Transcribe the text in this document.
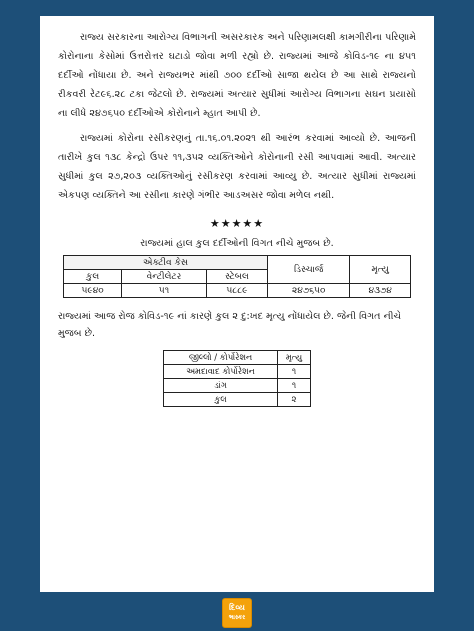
રાજ્ય સરકારના આરોગ્ય વિભાગની અસરકારક અને પરિણામલક્ષી કામગીરીના પરિણામે કોરોનાના કેસોમાં ઉત્તરોત્તર ઘટાડો જોવા મળી રહ્યો છે. રાજ્યમાં આજે કોવિડ-૧૯ ના ૪૫૧ દર્દીઓ નોંધાયા છે. અને રાજ્યભર માંથી ૭૦૦ દર્દીઓ સાજા થયેલ છે આ સાથે રાજ્યનો રીકવરી રેટ૯૬.૨૮ ટકા જેટલો છે. રાજ્યમાં અત્યાર સુધીમાં આરોગ્ય વિભાગના સઘન પ્રયાસો ના લીધે ૨૪૭૬૫૦ દર્દીઓએ કોરોનાને મ્હાત આપી છે.

રાજ્યમાં કોરોના રસીકરણનું તા.૧૬.૦૧.૨૦૨૧ થી આરંભ કરવામાં આવ્યો છે. આજની તારીખે કુલ ૧૩૮ કેન્દ્રો ઉપર ૧૧,૩૫૨ વ્યક્તિઓને કોરોનાની રસી આપવામાં આવી. અત્યાર સુધીમાં કુલ ૨૭,૨૦૩ વ્યક્તિઓનું રસીકરણ કરવામાં આવ્યુ છે. અત્યાર સુધીમાં રાજ્યમાં એકપણ વ્યક્તિને આ રસીના કારણે ગંભીર આડઅસર જોવા મળેલ નથી.

★★★★★
રાજ્યમાં હાલ કુલ દર્દીઓની વિગત નીચે મુજબ છે.
એક્ટીવ કેસ			ડિસ્ચાર્જ	મૃત્યુ
કુલ	વેન્ટીલેટર	સ્ટેબલ		
૫૯૪૦	૫૧	૫૮૮૯	૨૪૭૬૫૦	૪૩૭૪

રાજ્યમાં આજ રોજ કોવિડ-૧૯ નાં કારણે કુલ ૨ દુ:ખદ મૃત્યુ નોંધાયેલ છે. જેની વિગત નીચે મુજબ છે.

જીલ્લો / કોર્પોરેશન	મૃત્યુ
અમદાવાદ કોર્પોરેશન	૧
ડાંગ	૧
કુલ	૨
દિવ્ય
ભાસ્કર
